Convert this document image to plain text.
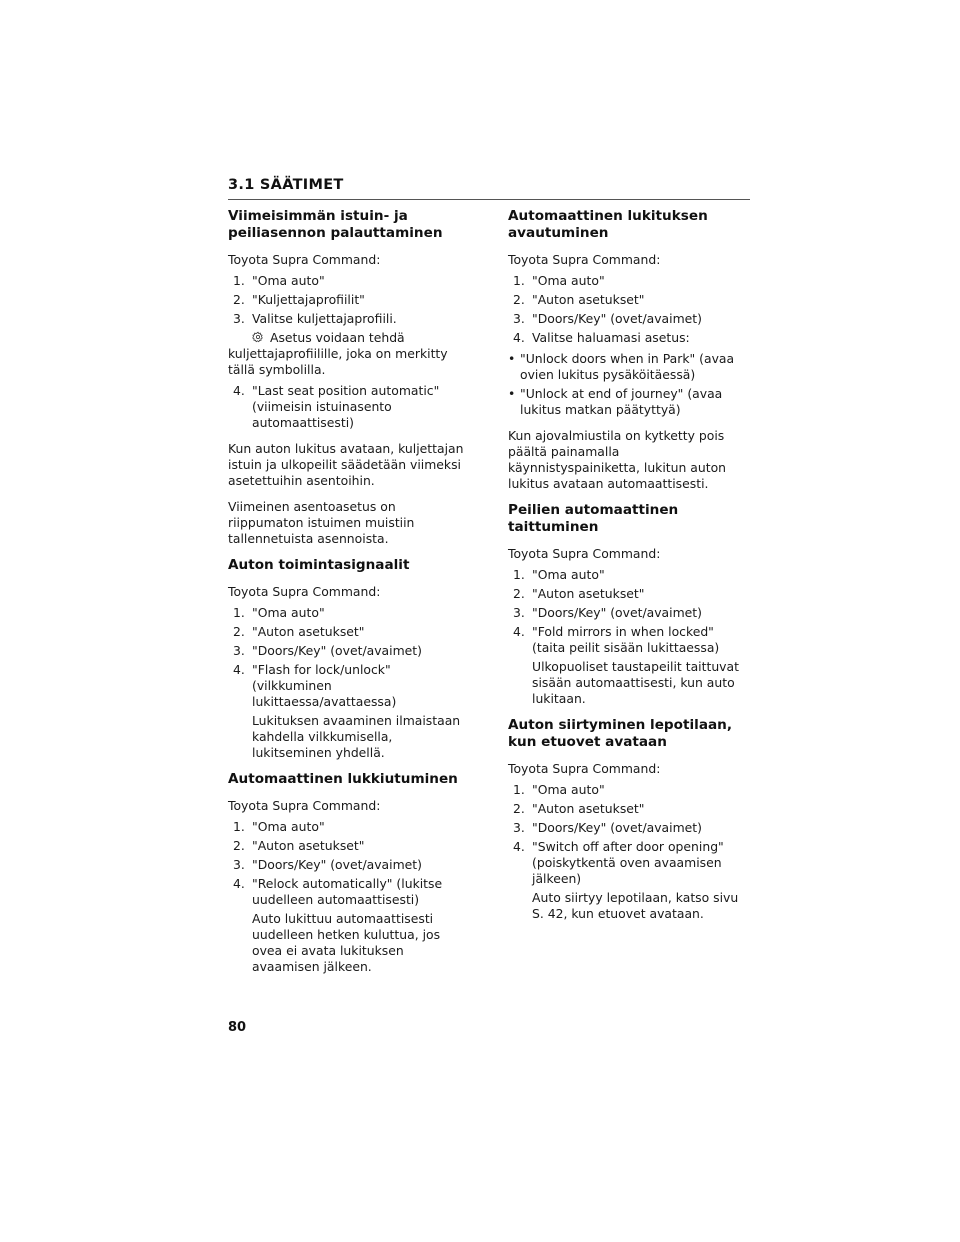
3.1 SÄÄTIMET
Viimeisimmän istuin- ja peiliasennon palauttaminen

Toyota Supra Command:

1. "Oma auto"
2. "Kuljettajaprofiilit"
3. Valitse kuljettajaprofiili.

Asetus voidaan tehdä kuljettajaprofiilille, joka on merkitty tällä symbolilla.

4. "Last seat position automatic" (viimeisin istuinasento automaattisesti)

Kun auton lukitus avataan, kuljettajan istuin ja ulkopeilit säädetään viimeksi asetettuihin asentoihin.

Viimeinen asentoasetus on riippumaton istuimen muistiin tallennetuista asennoista.

Auton toimintasignaalit

Toyota Supra Command:

1. "Oma auto"
2. "Auton asetukset"
3. "Doors/Key" (ovet/avaimet)
4. "Flash for lock/unlock" (vilkkuminen lukittaessa/avattaessa)
Lukituksen avaaminen ilmaistaan kahdella vilkkumisella, lukitseminen yhdellä.
Automaattinen lukkiutuminen

Toyota Supra Command:

1. "Oma auto"
2. "Auton asetukset"
3. "Doors/Key" (ovet/avaimet)
4. "Relock automatically" (lukitse uudelleen automaattisesti)
Auto lukittuu automaattisesti uudelleen hetken kuluttua, jos ovea ei avata lukituksen avaamisen jälkeen.
Automaattinen lukituksen avautuminen

Toyota Supra Command:

1. "Oma auto"
2. "Auton asetukset"
3. "Doors/Key" (ovet/avaimet)
4. Valitse haluamasi asetus:
• "Unlock doors when in Park" (avaa ovien lukitus pysäköitäessä)
• "Unlock at end of journey" (avaa lukitus matkan päätyttyä)

Kun ajovalmiustila on kytketty pois päältä painamalla käynnistyspainiketta, lukitun auton lukitus avataan automaattisesti.

Peilien automaattinen taittuminen

Toyota Supra Command:

1. "Oma auto"
2. "Auton asetukset"
3. "Doors/Key" (ovet/avaimet)
4. "Fold mirrors in when locked" (taita peilit sisään lukittaessa)
Ulkopuoliset taustapeilit taittuvat sisään automaattisesti, kun auto lukitaan.
Auton siirtyminen lepotilaan, kun etuovet avataan

Toyota Supra Command:

1. "Oma auto"
2. "Auton asetukset"
3. "Doors/Key" (ovet/avaimet)
4. "Switch off after door opening" (poiskytkentä oven avaamisen jälkeen)
Auto siirtyy lepotilaan, katso sivu S. 42, kun etuovet avataan.
80
